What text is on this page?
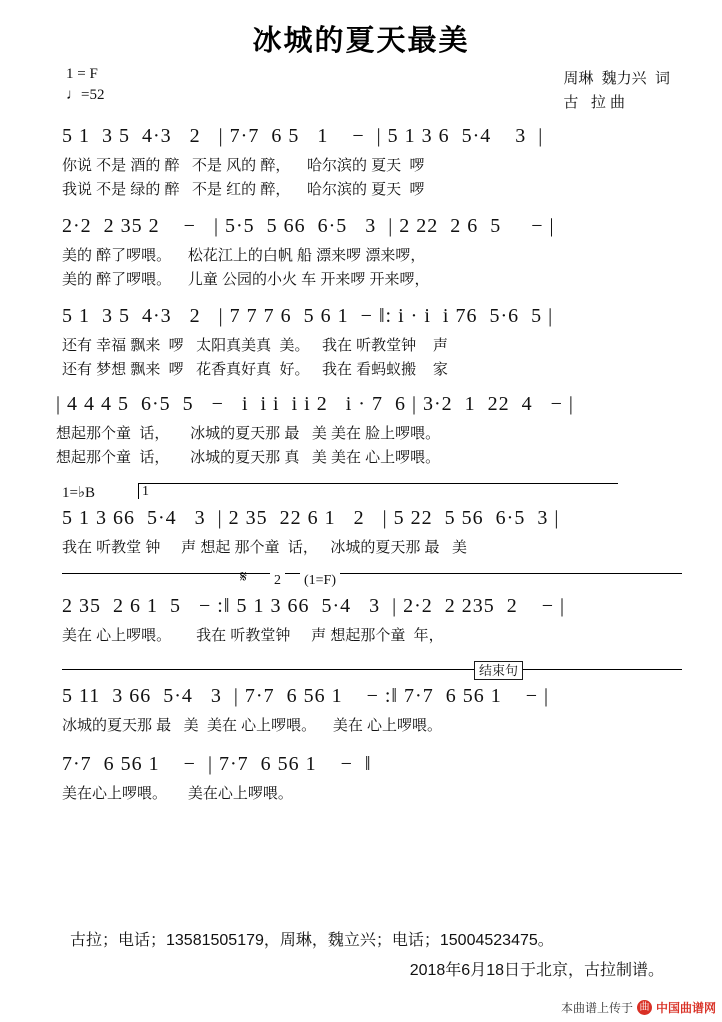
冰城的夏天最美
1 = F
♩=52
周琳  魏力兴  词
古   拉 曲
5 1  3 5  4·3   2   | 7·7  6 5   1    −  | 5 1 3 6  5·4    3  |
你说 不是 酒的 醉   不是 风的 醉，    哈尔滨的 夏天  啰
我说 不是 绿的 醉   不是 红的 醉，    哈尔滨的 夏天  啰
2·2  2 35 2    −   | 5·5  5 66  6·5   3  | 2 22  2 6  5     − |
美的 醉了啰喂。    松花江上的白帆 船 漂来啰 漂来啰，
美的 醉了啰喂。    儿童 公园的小火 车 开来啰 开来啰，
5 1  3 5  4·3   2   | 7 7 7 6  5 6 1  − ‖: i · i  i 76  5·6  5 |
还有 幸福 飘来  啰   太阳真美真  美。   我在 听教堂钟    声
还有 梦想 飘来  啰   花香真好真  好。   我在 看蚂蚁搬    家
| 4 4 4 5  6·5  5   −   i  i i  i i 2   i · 7  6 | 3·2  1  22  4   − |
想起那个童  话，     冰城的夏天那 最   美 美在 脸上啰喂。
想起那个童  话，     冰城的夏天那 真   美 美在 心上啰喂。
1=♭B	1
5 1 3 66  5·4   3  | 2 35  22 6 1   2   | 5 22  5 56  6·5  3 |
我在 听教堂 钟     声 想起 那个童  话，   冰城的夏天那 最   美
𝄋 2 (1=F)
2 35  2 6 1  5   − :‖ 5 1 3 66  5·4   3  | 2·2  2 235  2    − |
美在 心上啰喂。      我在 听教堂钟     声 想起那个童  年，
结束句
5 11  3 66  5·4   3  | 7·7  6 56 1    − :‖ 7·7  6 56 1    − |
冰城的夏天那 最   美  美在 心上啰喂。    美在 心上啰喂。
7·7  6 56 1    −  | 7·7  6 56 1    −  ‖
美在心上啰喂。     美在心上啰喂。
古拉；电话；13581505179，周琳，魏立兴；电话；15004523475。
2018年6月18日于北京，古拉制谱。
本曲谱上传于 曲 中国曲谱网
